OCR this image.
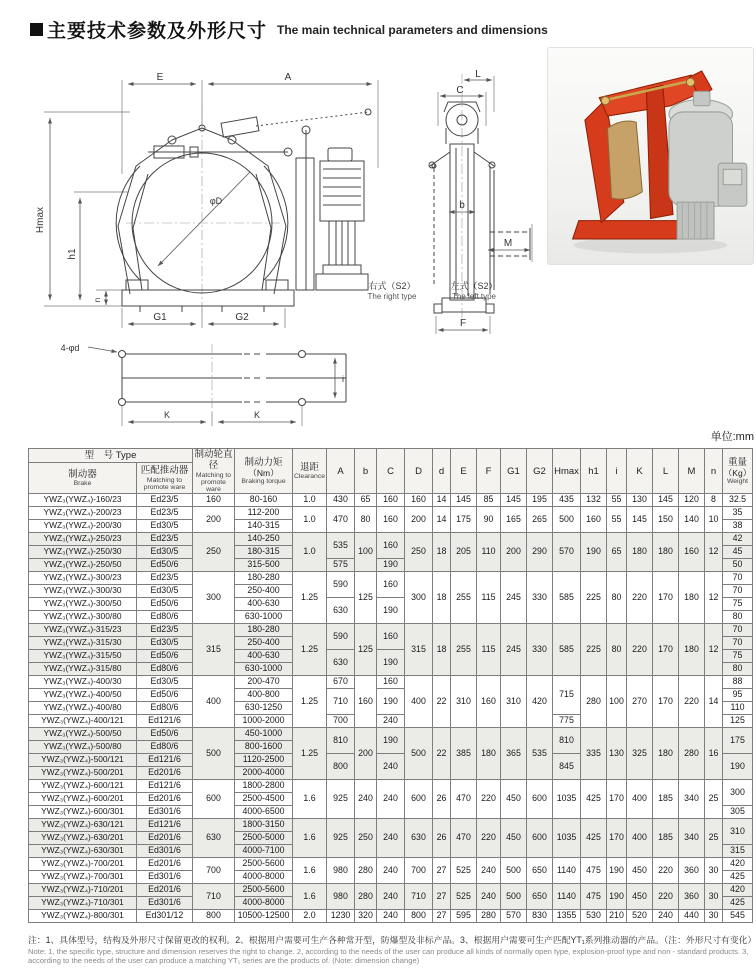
主要技术参数及外形尺寸 The main technical parameters and dimensions
E	A
Hmax
h1
n
φD
G1	G2
L
C
b
M
F
右式（S2）
The right type
左式（S2）
The left type
4-φd
K	K
i
单位:mm
型　号 Type		制动轮直径
Matching to promote ware	制动力矩
（Nm）
Braking torque	退距
Clearance	A	b	C	D	d	E	F	G1	G2	Hmax	h1	i	K	L	M	n	重量
（Kg）
Weight

制动器
Brake	匹配推动器
Matching to promote ware																				

YWZ₃(YWZ₄)-160/23	Ed23/5	160	80-160	1.0	430	65	160	160	14	145	85	145	195	435	132	55	130	145	120	8	32.5
YWZ₃(YWZ₄)-200/23	Ed23/5	200	112-200	1.0	470	80	160	200	14	175	90	165	265	500	160	55	145	150	140	10	35
YWZ₃(YWZ₄)-200/30	Ed30/5		140-315																		38
YWZ₃(YWZ₄)-250/23	Ed23/5	250	140-250	1.0	535	100	160	250	18	205	110	200	290	570	190	65	180	180	160	12	42
YWZ₃(YWZ₄)-250/30	Ed30/5		180-315																		45
YWZ₃(YWZ₄)-250/50	Ed50/6		315-500		575		190														50
YWZ₃(YWZ₄)-300/23	Ed23/5	300	180-280	1.25	590	125	160	300	18	255	115	245	330	585	225	80	220	170	180	12	70
YWZ₃(YWZ₄)-300/30	Ed30/5		250-400																		70
YWZ₃(YWZ₄)-300/50	Ed50/6		400-630		630		190														75
YWZ₃(YWZ₄)-300/80	Ed80/6		630-1000																		80
YWZ₃(YWZ₄)-315/23	Ed23/5	315	180-280	1.25	590	125	160	315	18	255	115	245	330	585	225	80	220	170	180	12	70
YWZ₃(YWZ₄)-315/30	Ed30/5		250-400																		70
YWZ₃(YWZ₄)-315/50	Ed50/6		400-630		630		190														75
YWZ₃(YWZ₄)-315/80	Ed80/6		630-1000																		80
YWZ₃(YWZ₄)-400/30	Ed30/5	400	200-470	1.25	670	160	160	400	22	310	160	310	420	715	280	100	270	170	220	14	88
YWZ₃(YWZ₄)-400/50	Ed50/6		400-800		710		190														95
YWZ₃(YWZ₄)-400/80	Ed80/6		630-1250																		110
YWZ₃(YWZ₄)-400/121	Ed121/6		1000-2000		700		240							775							125
YWZ₃(YWZ₄)-500/50	Ed50/6	500	450-1000	1.25	810	200	190	500	22	385	180	365	535	810	335	130	325	180	280	16	175
YWZ₃(YWZ₄)-500/80	Ed80/6		800-1600																		
YWZ₃(YWZ₄)-500/121	Ed121/6		1120-2500		800		240							845							190
YWZ₃(YWZ₄)-500/201	Ed201/6		2000-4000																		
YWZ₃(YWZ₄)-600/121	Ed121/6	600	1800-2800	1.6	925	240	240	600	26	470	220	450	600	1035	425	170	400	185	340	25	300
YWZ₃(YWZ₄)-600/201	Ed201/6		2500-4500																		
YWZ₃(YWZ₄)-600/301	Ed301/6		4000-6500																		305
YWZ₃(YWZ₄)-630/121	Ed121/6	630	1800-3150	1.6	925	250	240	630	26	470	220	450	600	1035	425	170	400	185	340	25	310
YWZ₃(YWZ₄)-630/201	Ed201/6		2500-5000																		
YWZ₃(YWZ₄)-630/301	Ed301/6		4000-7100																		315
YWZ₃(YWZ₄)-700/201	Ed201/6	700	2500-5600	1.6	980	280	240	700	27	525	240	500	650	1140	475	190	450	220	360	30	420
YWZ₃(YWZ₄)-700/301	Ed301/6		4000-8000																		425
YWZ₃(YWZ₄)-710/201	Ed201/6	710	2500-5600	1.6	980	280	240	710	27	525	240	500	650	1140	475	190	450	220	360	30	420
YWZ₃(YWZ₄)-710/301	Ed301/6		4000-8000																		425
YWZ₃(YWZ₄)-800/301	Ed301/12	800	10500-12500	2.0	1230	320	240	800	27	595	280	570	830	1355	530	210	520	240	440	30	545
注：1、具体型号，结构及外形尺寸保留更改的权利。2、根据用户需要可生产各种常开型，防爆型及非标产品。3、根据用户需要可生产匹配YT₁系列推动器的产品。（注：外形尺寸有变化）
Note: 1, the specific type, structure and dimension reserves the right to change. 2, according to the needs of the user can produce all kinds of normally open type, explosion-proof type and non - standard products. 3, according to the needs of the user can produce a matching YT₁ series are the products of. (Note: dimension change)
